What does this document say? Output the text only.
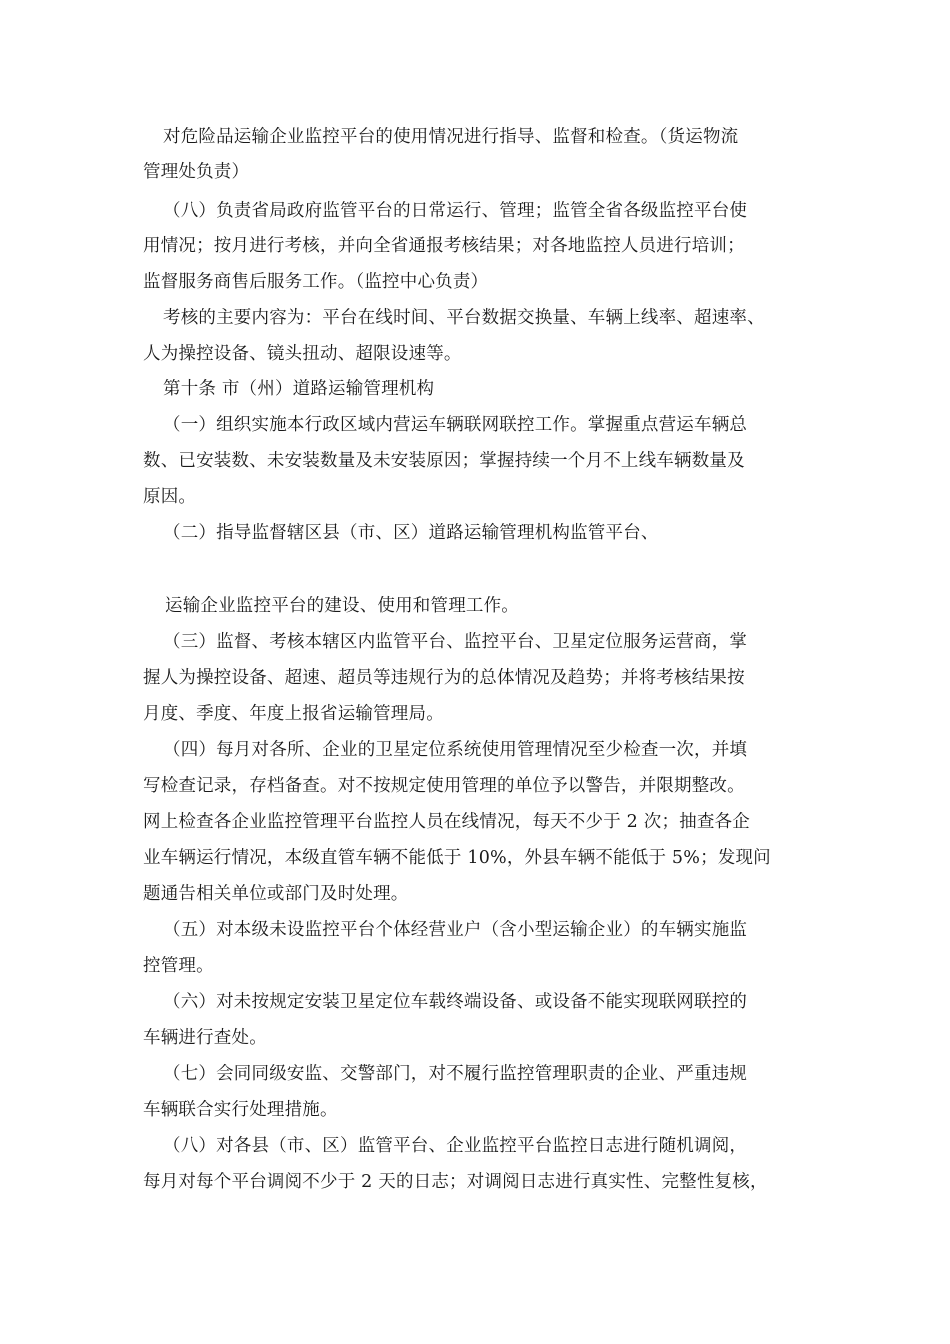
对危险品运输企业监控平台的使用情况进行指导、监督和检查。（货运物流
管理处负责）
（八）负责省局政府监管平台的日常运行、管理；监管全省各级监控平台使
用情况；按月进行考核，并向全省通报考核结果；对各地监控人员进行培训；
监督服务商售后服务工作。（监控中心负责）
考核的主要内容为：平台在线时间、平台数据交换量、车辆上线率、超速率、
人为操控设备、镜头扭动、超限设速等。
第十条 市（州）道路运输管理机构
（一）组织实施本行政区域内营运车辆联网联控工作。掌握重点营运车辆总
数、已安装数、未安装数量及未安装原因；掌握持续一个月不上线车辆数量及
原因。
（二）指导监督辖区县（市、区）道路运输管理机构监管平台、
运输企业监控平台的建设、使用和管理工作。
（三）监督、考核本辖区内监管平台、监控平台、卫星定位服务运营商，掌
握人为操控设备、超速、超员等违规行为的总体情况及趋势；并将考核结果按
月度、季度、年度上报省运输管理局。
（四）每月对各所、企业的卫星定位系统使用管理情况至少检查一次，并填
写检查记录，存档备查。对不按规定使用管理的单位予以警告，并限期整改。
网上检查各企业监控管理平台监控人员在线情况，每天不少于 2 次；抽查各企
业车辆运行情况，本级直管车辆不能低于 10%，外县车辆不能低于 5%；发现问
题通告相关单位或部门及时处理。
（五）对本级未设监控平台个体经营业户（含小型运输企业）的车辆实施监
控管理。
（六）对未按规定安装卫星定位车载终端设备、或设备不能实现联网联控的
车辆进行查处。
（七）会同同级安监、交警部门，对不履行监控管理职责的企业、严重违规
车辆联合实行处理措施。
（八）对各县（市、区）监管平台、企业监控平台监控日志进行随机调阅，
每月对每个平台调阅不少于 2 天的日志；对调阅日志进行真实性、完整性复核，
